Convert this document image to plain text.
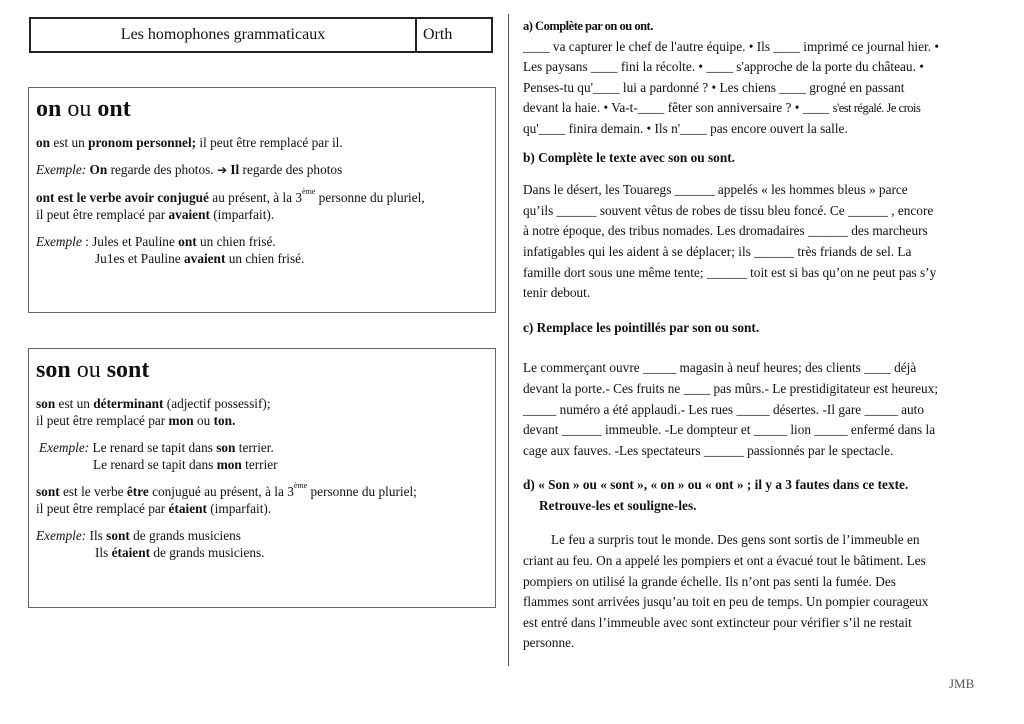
Les homophones grammaticaux	Orth
on ou ont
on est un pronom personnel; il peut être remplacé par il.
Exemple: On regarde des photos. ➔ Il regarde des photos
ont est le verbe avoir conjugué au présent, à la 3ème personne du pluriel,
il peut être remplacé par avaient (imparfait).
Exemple : Jules et Pauline ont un chien frisé.
Ju1es et Pauline avaient un chien frisé.
son ou sont
son est un déterminant (adjectif possessif);
il peut être remplacé par mon ou ton.
Exemple: Le renard se tapit dans son terrier.
Le renard se tapit dans mon terrier
sont est le verbe être conjugué au présent, à la 3ème personne du pluriel;
il peut être remplacé par étaient (imparfait).
Exemple: Ils sont de grands musiciens
Ils étaient de grands musiciens.

a) Complète par on ou ont.

____ va capturer le chef de l'autre équipe. • Ils ____ imprimé ce journal hier. •

Les paysans ____ fini la récolte. • ____ s'approche de la porte du château. •

Penses-tu qu'____ lui a pardonné ? • Les chiens ____ grogné en passant

devant la haie. • Va-t-____ fêter son anniversaire ? • ____ s'est régalé. Je crois

qu'____ finira demain. • Ils n'____ pas encore ouvert la salle.

b) Complète le texte avec son ou sont.

Dans le désert, les Touaregs ______ appelés « les hommes bleus » parce

qu’ils ______ souvent vêtus de robes de tissu bleu foncé. Ce ______ , encore

à notre époque, des tribus nomades. Les dromadaires ______ des marcheurs

infatigables qui les aident à se déplacer; ils ______ très friands de sel. La

famille dort sous une même tente; ______ toit est si bas qu’on ne peut pas s’y

tenir debout.

c) Remplace les pointillés par son ou sont.

Le commerçant ouvre _____ magasin à neuf heures; des clients ____ déjà

devant la porte.- Ces fruits ne ____ pas mûrs.- Le prestidigitateur est heureux;

_____ numéro a été applaudi.- Les rues _____ désertes. -Il gare _____ auto

devant ______ immeuble. -Le dompteur et _____ lion _____ enfermé dans la

cage aux fauves. -Les spectateurs ______ passionnés par le spectacle.

d) « Son » ou « sont », « on » ou « ont » ; il y a 3 fautes dans ce texte.

Retrouve-les et souligne-les.

Le feu a surpris tout le monde. Des gens sont sortis de l’immeuble en

criant au feu. On a appelé les pompiers et ont a évacué tout le bâtiment. Les

pompiers on utilisé la grande échelle. Ils n’ont pas senti la fumée. Des

flammes sont arrivées jusqu’au toit en peu de temps. Un pompier courageux

est entré dans l’immeuble avec sont extincteur pour vérifier s’il ne restait

personne.

JMB
